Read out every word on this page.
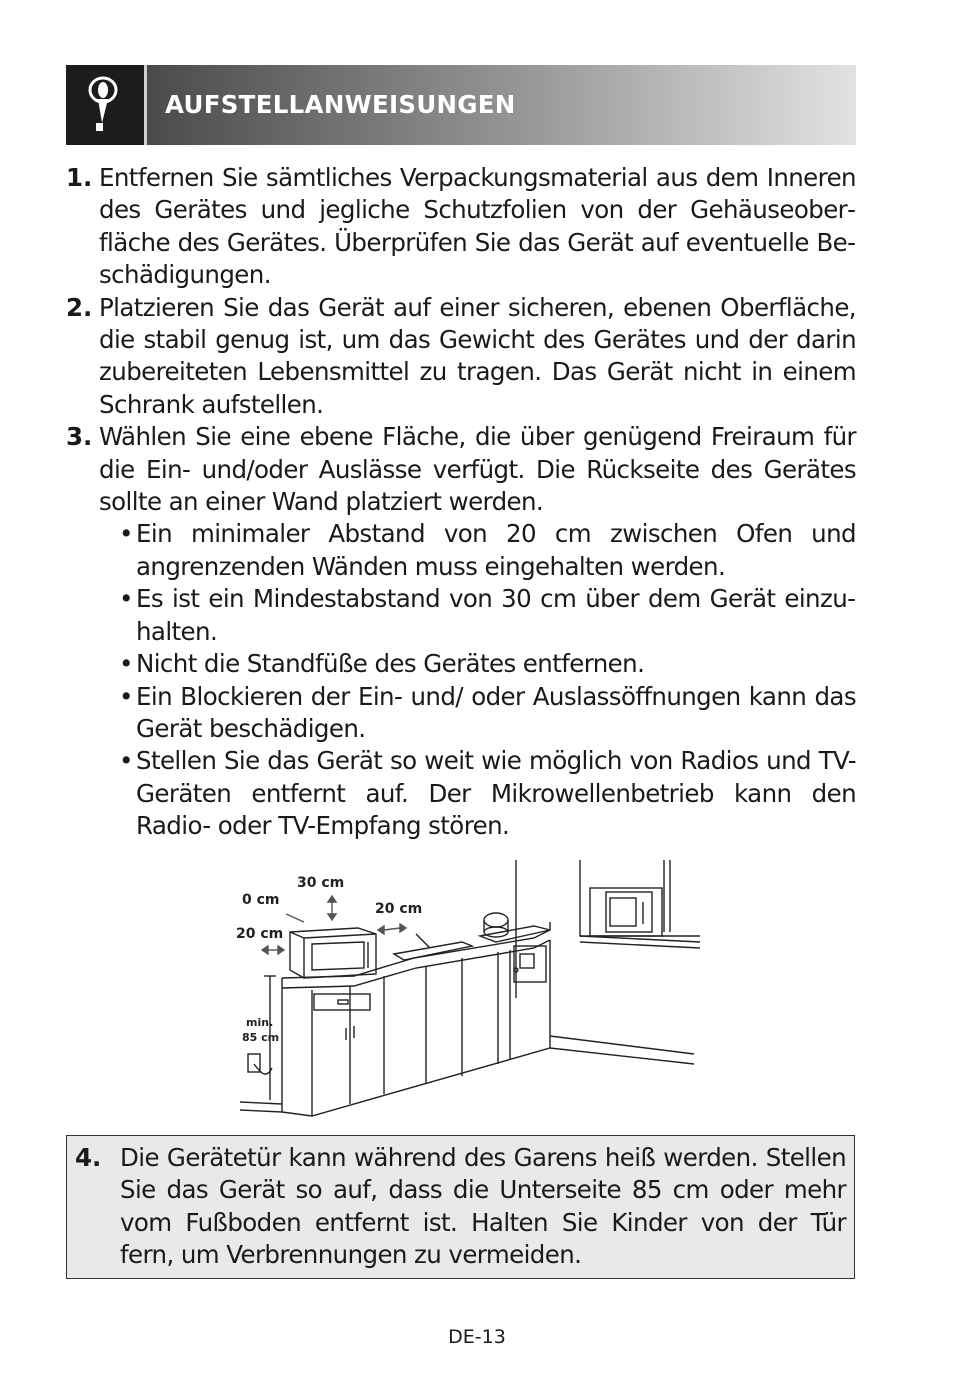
AUFSTELLANWEISUNGEN
1. Entfernen Sie sämtliches Verpackungsmaterial aus dem Inneren des Gerätes und jegliche Schutzfolien von der Gehäuseoberfläche des Gerätes. Überprüfen Sie das Gerät auf eventuelle Beschädigungen.
2. Platzieren Sie das Gerät auf einer sicheren, ebenen Oberfläche, die stabil genug ist, um das Gewicht des Gerätes und der darin zubereiteten Lebensmittel zu tragen. Das Gerät nicht in einem Schrank aufstellen.
3. Wählen Sie eine ebene Fläche, die über genügend Freiraum für die Ein- und/oder Auslässe verfügt. Die Rückseite des Gerätes sollte an einer Wand platziert werden.
• Ein minimaler Abstand von 20 cm zwischen Ofen und angrenzenden Wänden muss eingehalten werden.
• Es ist ein Mindestabstand von 30 cm über dem Gerät einzuhalten.
• Nicht die Standfüße des Gerätes entfernen.
• Ein Blockieren der Ein- und/ oder Auslassöffnungen kann das Gerät beschädigen.
• Stellen Sie das Gerät so weit wie möglich von Radios und TV-Geräten entfernt auf. Der Mikrowellenbetrieb kann den Radio- oder TV-Empfang stören.
30 cm
0 cm
20 cm
20 cm
min.
85 cm
4. Die Gerätetür kann während des Garens heiß werden. Stellen Sie das Gerät so auf, dass die Unterseite 85 cm oder mehr vom Fußboden entfernt ist. Halten Sie Kinder von der Tür fern, um Verbrennungen zu vermeiden.
DE-13
